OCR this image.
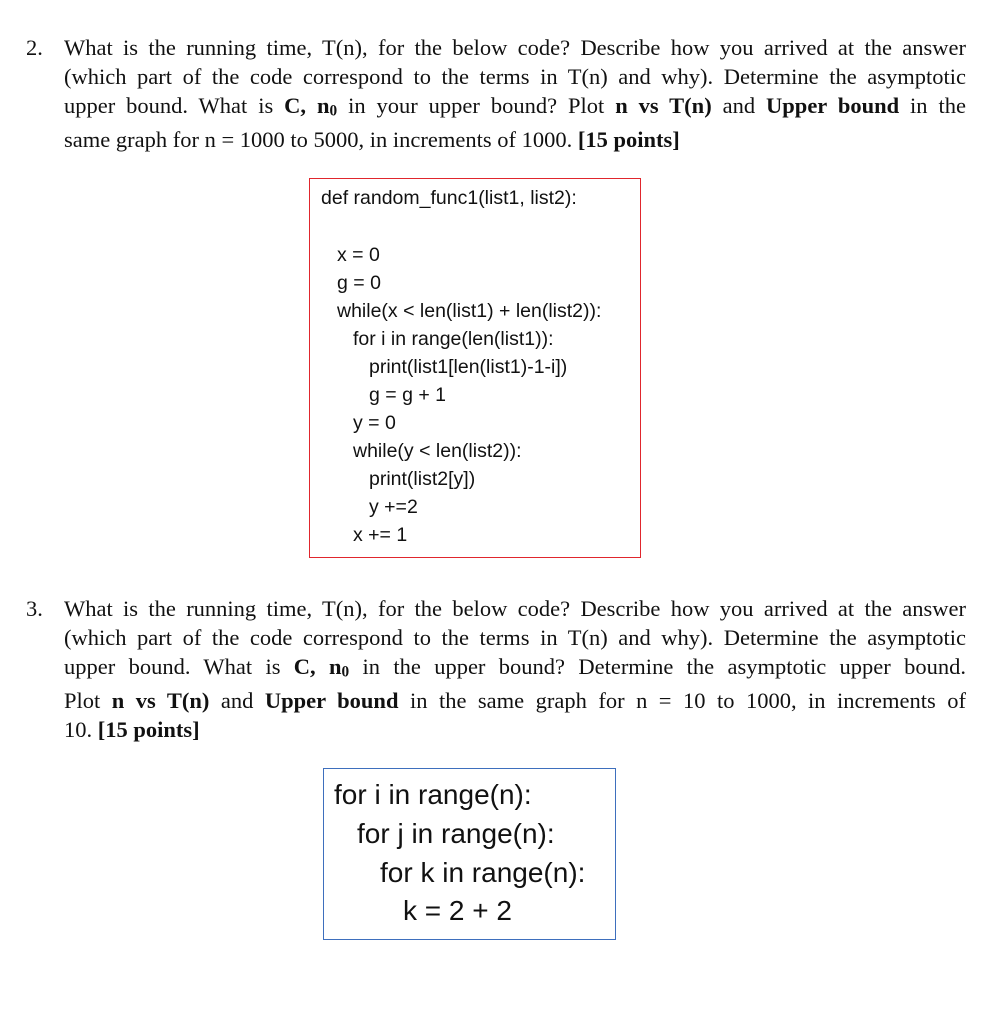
2. What is the running time, T(n), for the below code? Describe how you arrived at the answer
(which part of the code correspond to the terms in T(n) and why). Determine the asymptotic
upper bound. What is C, n0 in your upper bound? Plot n vs T(n) and Upper bound in the
same graph for n = 1000 to 5000, in increments of 1000. [15 points]
def random_func1(list1, list2):
x = 0
g = 0
while(x < len(list1) + len(list2)):
for i in range(len(list1)):
print(list1[len(list1)-1-i])
g = g + 1
y = 0
while(y < len(list2)):
print(list2[y])
y +=2
x += 1
3. What is the running time, T(n), for the below code? Describe how you arrived at the answer
(which part of the code correspond to the terms in T(n) and why). Determine the asymptotic
upper bound. What is C, n0 in the upper bound? Determine the asymptotic upper bound.
Plot n vs T(n) and Upper bound in the same graph for n = 10 to 1000, in increments of
10. [15 points]
for i in range(n):
for j in range(n):
for k in range(n):
k = 2 + 2
